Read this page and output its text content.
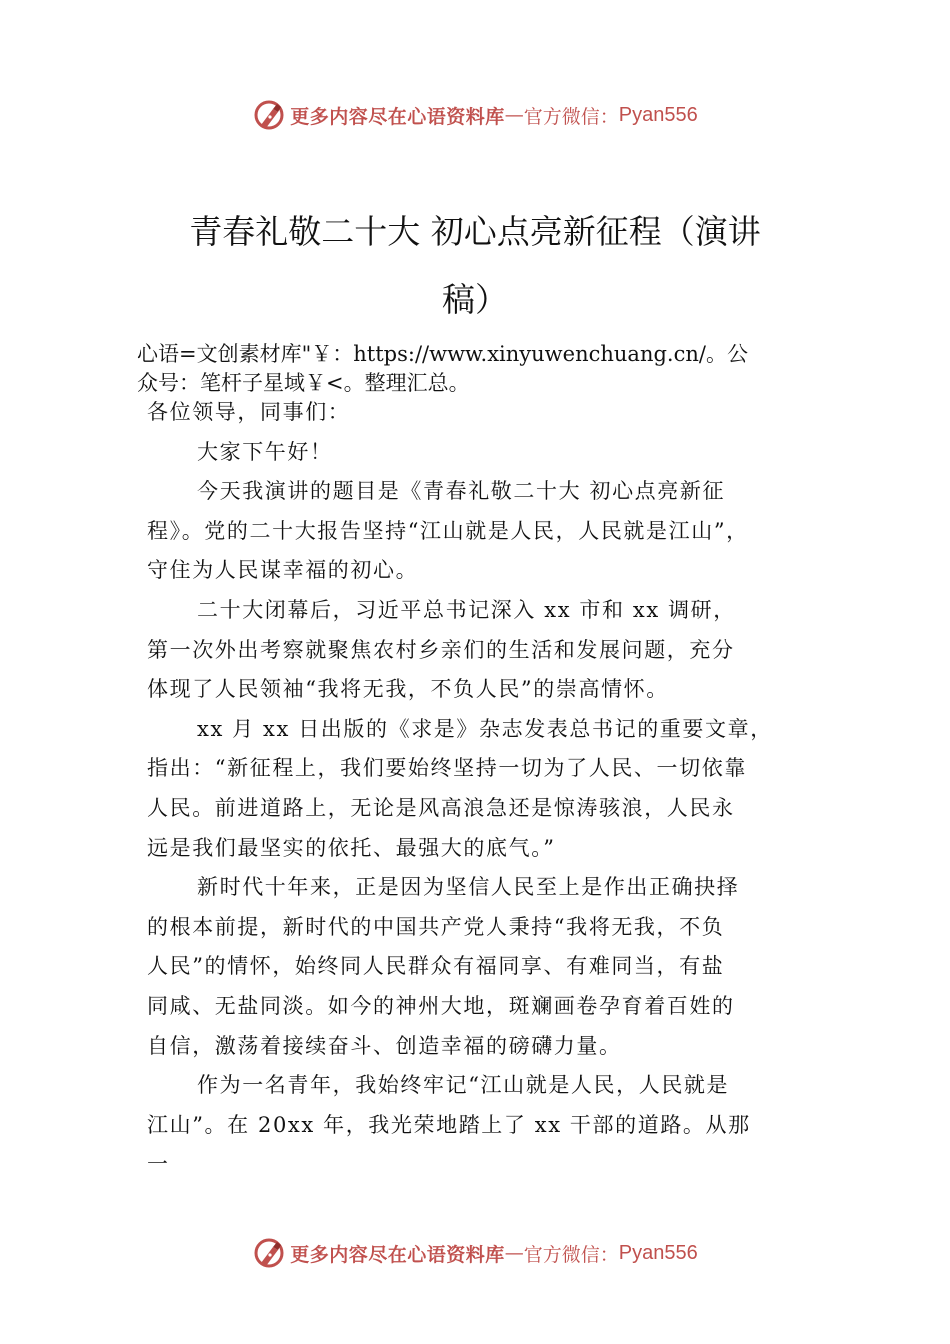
更多内容尽在心语资料库 — 官方微信： Pyan556
青春礼敬二十大 初心点亮新征程（演讲
稿）
心语=文创素材库"￥：https://www.xinyuwenchuang.cn/。公
众号：笔杆子星域￥<。整理汇总。
各位领导，同事们：
大家下午好！
今天我演讲的题目是《青春礼敬二十大 初心点亮新征
程》。党的二十大报告坚持“江山就是人民，人民就是江山”，
守住为人民谋幸福的初心。
二十大闭幕后，习近平总书记深入 xx 市和 xx 调研，
第一次外出考察就聚焦农村乡亲们的生活和发展问题，充分
体现了人民领袖“我将无我，不负人民”的崇高情怀。
xx 月 xx 日出版的《求是》杂志发表总书记的重要文章，
指出：“新征程上，我们要始终坚持一切为了人民、一切依靠
人民。前进道路上，无论是风高浪急还是惊涛骇浪，人民永
远是我们最坚实的依托、最强大的底气。”
新时代十年来，正是因为坚信人民至上是作出正确抉择
的根本前提，新时代的中国共产党人秉持“我将无我，不负
人民”的情怀，始终同人民群众有福同享、有难同当，有盐
同咸、无盐同淡。如今的神州大地，斑斓画卷孕育着百姓的
自信，激荡着接续奋斗、创造幸福的磅礴力量。
作为一名青年，我始终牢记“江山就是人民，人民就是
江山”。在 20xx 年，我光荣地踏上了 xx 干部的道路。从那
一
更多内容尽在心语资料库 — 官方微信： Pyan556
